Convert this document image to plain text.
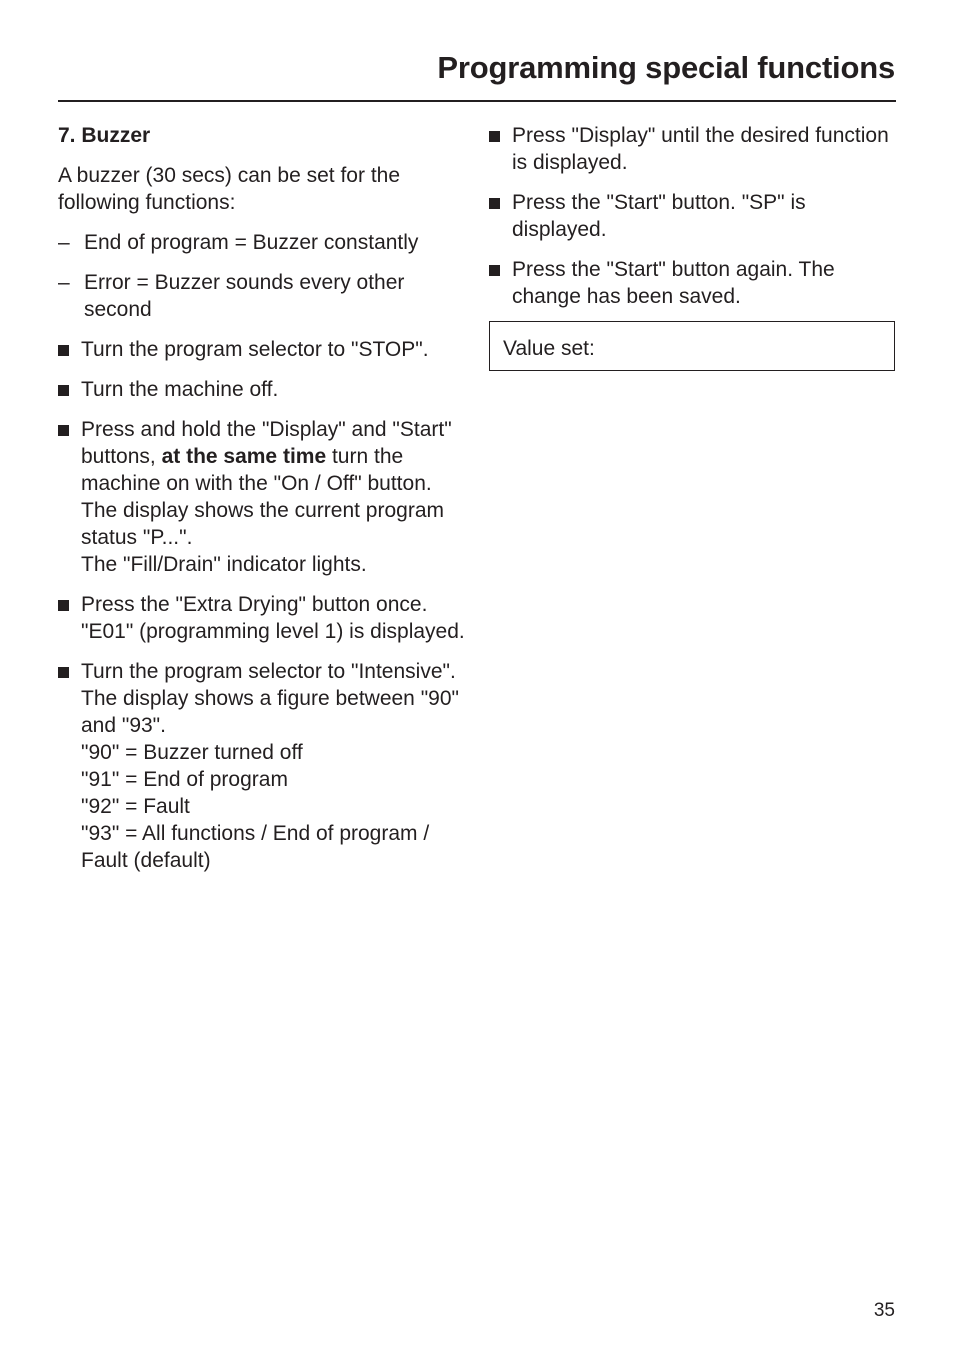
Programming special functions
7. Buzzer

A buzzer (30 secs) can be set for the following functions:

– End of program = Buzzer constantly
– Error = Buzzer sounds every other second
Turn the program selector to "STOP".
Turn the machine off.
Press and hold the "Display" and "Start" buttons, at the same time turn the machine on with the "On / Off" button.
The display shows the current program status "P...".
The "Fill/Drain" indicator lights.
Press the "Extra Drying" button once.
"E01" (programming level 1) is displayed.
Turn the program selector to "Intensive".
The display shows a figure between "90" and "93".
"90" = Buzzer turned off
"91" = End of program
"92" = Fault
"93" = All functions / End of program / Fault (default)
Press "Display" until the desired function is displayed.
Press the "Start" button. "SP" is displayed.
Press the "Start" button again. The change has been saved.
Value set:
35
